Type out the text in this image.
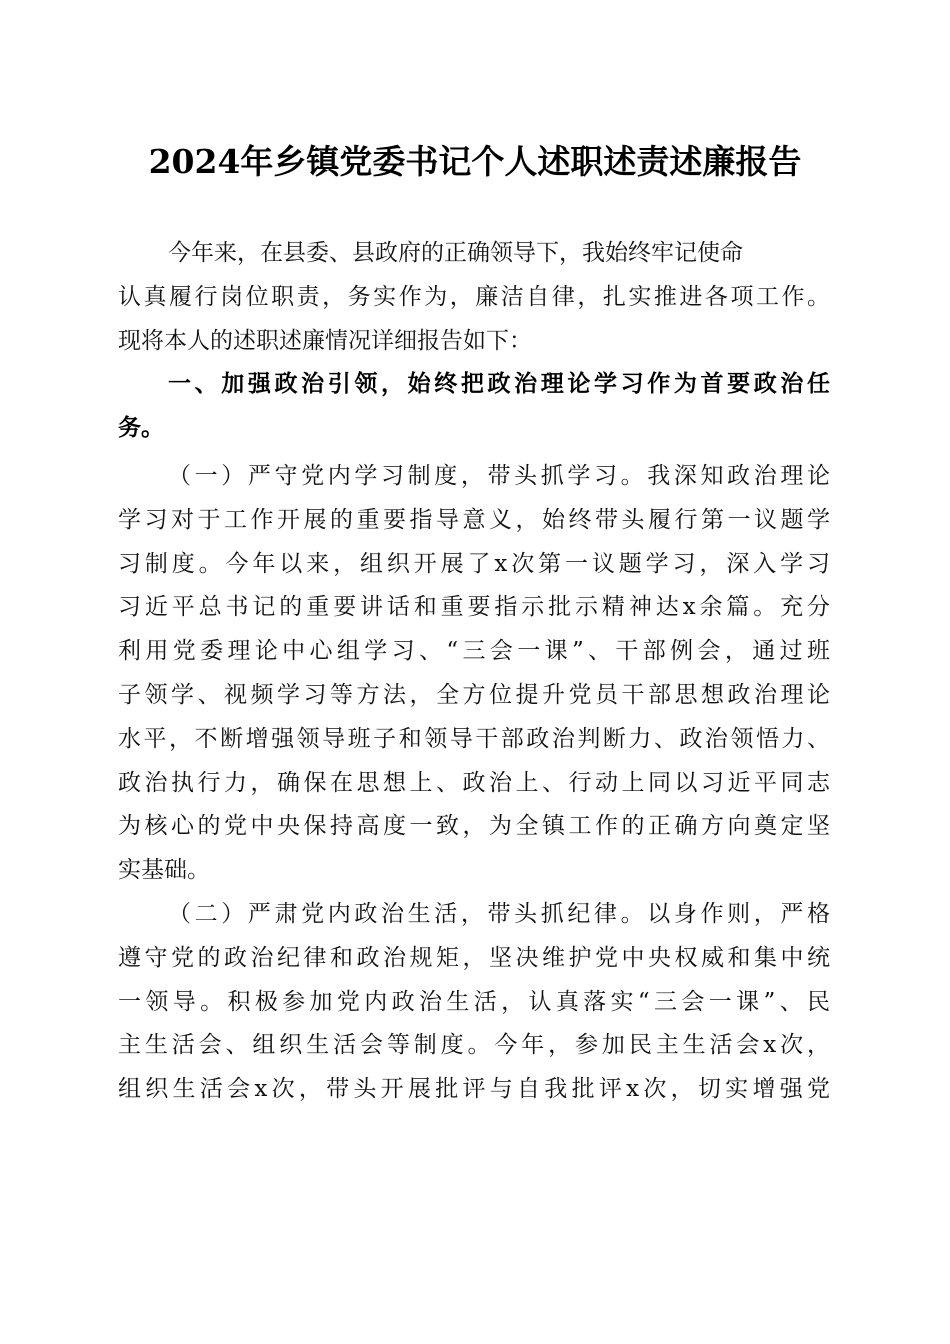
2024年乡镇党委书记个人述职述责述廉报告
今年来，在县委、县政府的正确领导下，我始终牢记使命
认真履行岗位职责，务实作为，廉洁自律，扎实推进各项工作。
现将本人的述职述廉情况详细报告如下：
一、加强政治引领，始终把政治理论学习作为首要政治任
务。
（一）严守党内学习制度，带头抓学习。我深知政治理论
学习对于工作开展的重要指导意义，始终带头履行第一议题学
习制度。今年以来，组织开展了x次第一议题学习，深入学习
习近平总书记的重要讲话和重要指示批示精神达x余篇。充分
利用党委理论中心组学习、“三会一课”、干部例会，通过班
子领学、视频学习等方法，全方位提升党员干部思想政治理论
水平，不断增强领导班子和领导干部政治判断力、政治领悟力、
政治执行力，确保在思想上、政治上、行动上同以习近平同志
为核心的党中央保持高度一致，为全镇工作的正确方向奠定坚
实基础。
（二）严肃党内政治生活，带头抓纪律。以身作则，严格
遵守党的政治纪律和政治规矩，坚决维护党中央权威和集中统
一领导。积极参加党内政治生活，认真落实“三会一课”、民
主生活会、组织生活会等制度。今年，参加民主生活会x次，
组织生活会x次，带头开展批评与自我批评x次，切实增强党
